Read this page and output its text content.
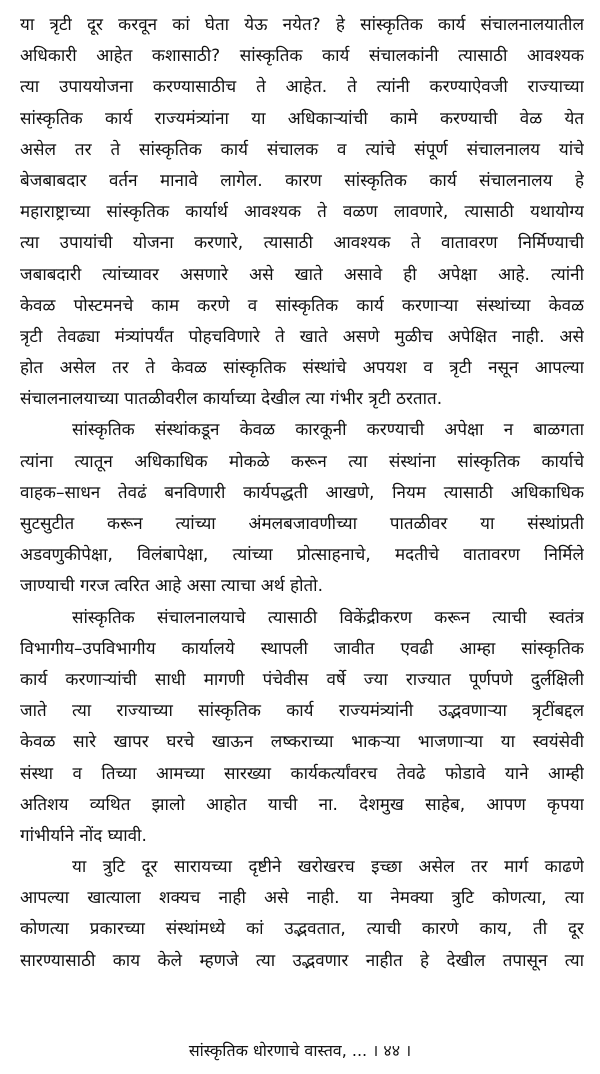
या त्रृटी दूर करवून कां घेता येऊ नयेत? हे सांस्कृतिक कार्य संचालनालयातील
अधिकारी आहेत कशासाठी? सांस्कृतिक कार्य संचालकांनी त्यासाठी आवश्यक
त्या उपाययोजना करण्यासाठीच ते आहेत. ते त्यांनी करण्याऐवजी राज्याच्या
सांस्कृतिक कार्य राज्यमंत्र्यांना या अधिकाऱ्यांची कामे करण्याची वेळ येत
असेल तर ते सांस्कृतिक कार्य संचालक व त्यांचे संपूर्ण संचालनालय यांचे
बेजबाबदार वर्तन मानावे लागेल. कारण सांस्कृतिक कार्य संचालनालय हे
महाराष्ट्राच्या सांस्कृतिक कार्यार्थ आवश्यक ते वळण लावणारे, त्यासाठी यथायोग्य
त्या उपायांची योजना करणारे, त्यासाठी आवश्यक ते वातावरण निर्मिण्याची
जबाबदारी त्यांच्यावर असणारे असे खाते असावे ही अपेक्षा आहे. त्यांनी
केवळ पोस्टमनचे काम करणे व सांस्कृतिक कार्य करणाऱ्या संस्थांच्या केवळ
त्रृटी तेवढ्या मंत्र्यांपर्यंत पोहचविणारे ते खाते असणे मुळीच अपेक्षित नाही. असे
होत असेल तर ते केवळ सांस्कृतिक संस्थांचे अपयश व त्रृटी नसून आपल्या
संचालनालयाच्या पातळीवरील कार्याच्या देखील त्या गंभीर त्रृटी ठरतात.
सांस्कृतिक संस्थांकडून केवळ कारकूनी करण्याची अपेक्षा न बाळगता
त्यांना त्यातून अधिकाधिक मोकळे करून त्या संस्थांना सांस्कृतिक कार्याचे
वाहक–साधन तेवढं बनविणारी कार्यपद्धती आखणे, नियम त्यासाठी अधिकाधिक
सुटसुटीत करून त्यांच्या अंमलबजावणीच्या पातळीवर या संस्थांप्रती
अडवणुकीपेक्षा, विलंबापेक्षा, त्यांच्या प्रोत्साहनाचे, मदतीचे वातावरण निर्मिले
जाण्याची गरज त्वरित आहे असा त्याचा अर्थ होतो.
सांस्कृतिक संचालनालयाचे त्यासाठी विकेंद्रीकरण करून त्याची स्वतंत्र
विभागीय–उपविभागीय कार्यालये स्थापली जावीत एवढी आम्हा सांस्कृतिक
कार्य करणाऱ्यांची साधी मागणी पंचेवीस वर्षे ज्या राज्यात पूर्णपणे दुर्लक्षिली
जाते त्या राज्याच्या सांस्कृतिक कार्य राज्यमंत्र्यांनी उद्भवणाऱ्या त्रृटींबद्दल
केवळ सारे खापर घरचे खाऊन लष्कराच्या भाकऱ्या भाजणाऱ्या या स्वयंसेवी
संस्था व तिच्या आमच्या सारख्या कार्यकर्त्यांवरच तेवढे फोडावे याने आम्ही
अतिशय व्यथित झालो आहोत याची ना. देशमुख साहेब, आपण कृपया
गांभीर्याने नोंद घ्यावी.
या त्रुटि दूर सारायच्या दृष्टीने खरोखरच इच्छा असेल तर मार्ग काढणे
आपल्या खात्याला शक्यच नाही असे नाही. या नेमक्या त्रुटि कोणत्या, त्या
कोणत्या प्रकारच्या संस्थांमध्ये कां उद्भवतात, त्याची कारणे काय, ती दूर
सारण्यासाठी काय केले म्हणजे त्या उद्भवणार नाहीत हे देखील तपासून त्या
सांस्कृतिक धोरणाचे वास्तव, ... । ४४ ।
